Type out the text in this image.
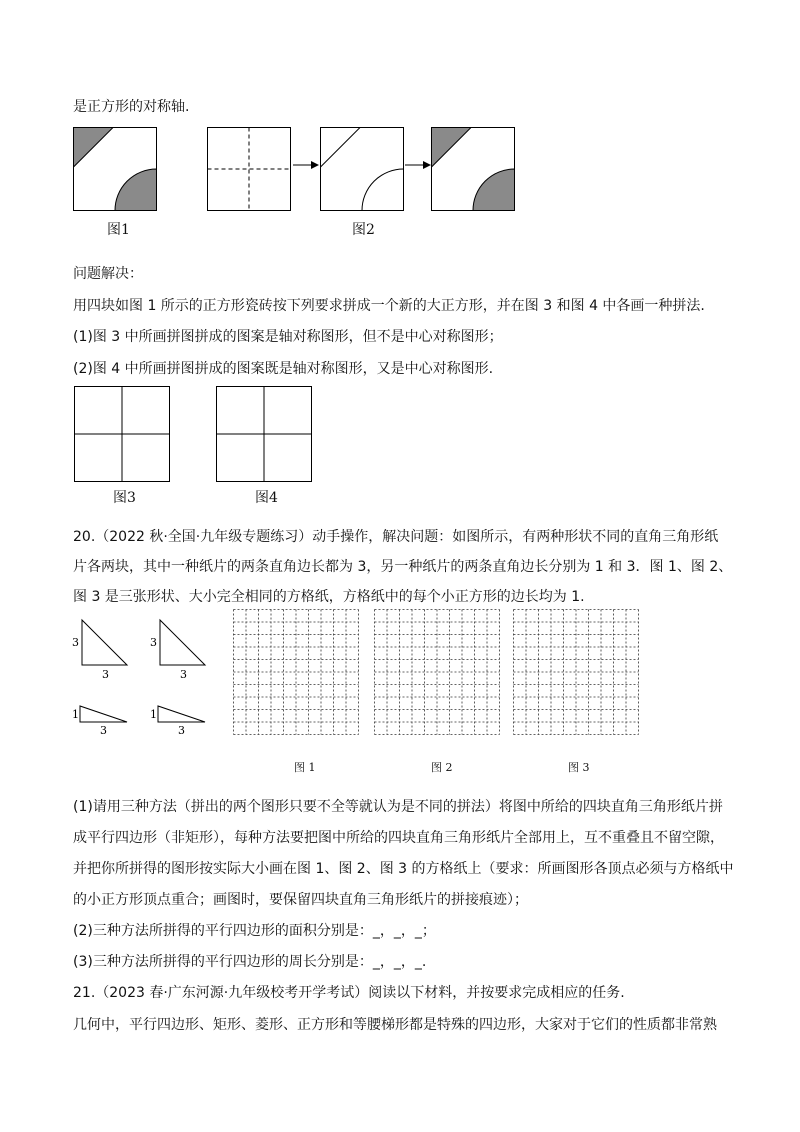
是正方形的对称轴.
图1	图2
问题解决：
用四块如图 1 所示的正方形瓷砖按下列要求拼成一个新的大正方形，并在图 3 和图 4 中各画一种拼法.
(1)图 3 中所画拼图拼成的图案是轴对称图形，但不是中心对称图形；
(2)图 4 中所画拼图拼成的图案既是轴对称图形，又是中心对称图形.
图3	图4
20.（2022 秋·全国·九年级专题练习）动手操作，解决问题：如图所示，有两种形状不同的直角三角形纸
片各两块，其中一种纸片的两条直角边长都为 3，另一种纸片的两条直角边长分别为 1 和 3．图 1、图 2、
图 3 是三张形状、大小完全相同的方格纸，方格纸中的每个小正方形的边长均为 1.
3
3
3
3
1
3
1
3
图 1	图 2	图 3
(1)请用三种方法（拼出的两个图形只要不全等就认为是不同的拼法）将图中所给的四块直角三角形纸片拼
成平行四边形（非矩形），每种方法要把图中所给的四块直角三角形纸片全部用上，互不重叠且不留空隙，
并把你所拼得的图形按实际大小画在图 1、图 2、图 3 的方格纸上（要求：所画图形各顶点必须与方格纸中
的小正方形顶点重合；画图时，要保留四块直角三角形纸片的拼接痕迹）；
(2)三种方法所拼得的平行四边形的面积分别是：_，_，_；
(3)三种方法所拼得的平行四边形的周长分别是：_，_，_.
21.（2023 春·广东河源·九年级校考开学考试）阅读以下材料，并按要求完成相应的任务.
几何中，平行四边形、矩形、菱形、正方形和等腰梯形都是特殊的四边形，大家对于它们的性质都非常熟
